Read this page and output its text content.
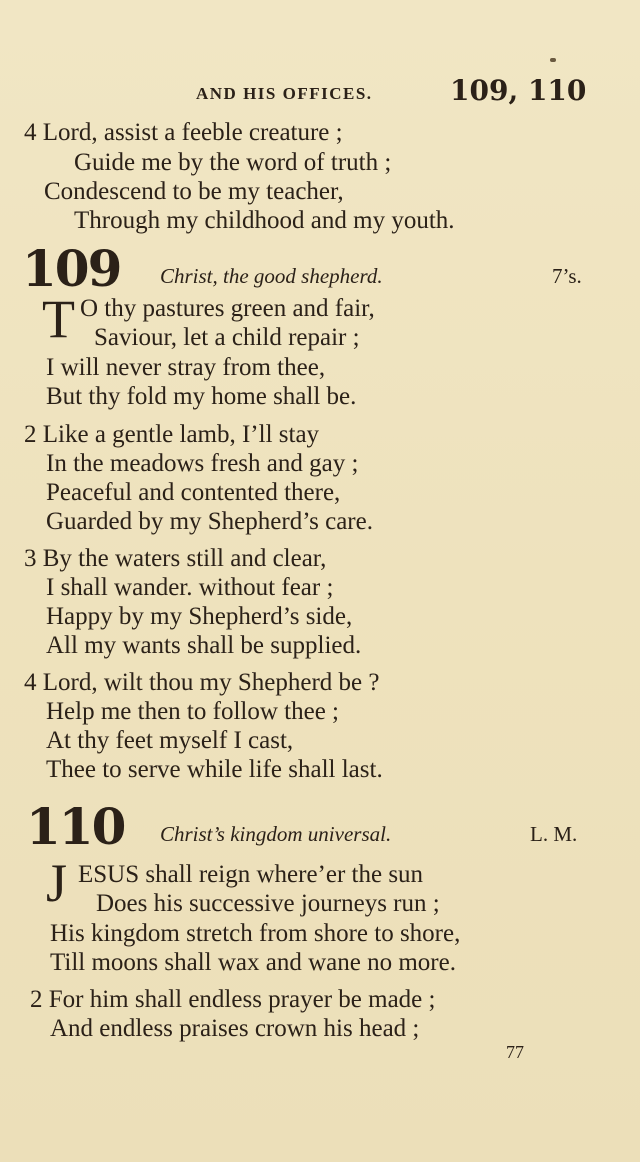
AND HIS OFFICES.	109, 110
4 Lord, assist a feeble creature ;
Guide me by the word of truth ;
Condescend to be my teacher,
Through my childhood and my youth.
109 Christ, the good shepherd.	7’s.
T O thy pastures green and fair,
Saviour, let a child repair ;
I will never stray from thee,
But thy fold my home shall be.
2 Like a gentle lamb, I’ll stay
In the meadows fresh and gay ;
Peaceful and contented there,
Guarded by my Shepherd’s care.
3 By the waters still and clear,
I shall wander. without fear ;
Happy by my Shepherd’s side,
All my wants shall be supplied.
4 Lord, wilt thou my Shepherd be ?
Help me then to follow thee ;
At thy feet myself I cast,
Thee to serve while life shall last.
110 Christ’s kingdom universal.	L. M.
J ESUS shall reign where’er the sun
Does his successive journeys run ;
His kingdom stretch from shore to shore,
Till moons shall wax and wane no more.
2 For him shall endless prayer be made ;
And endless praises crown his head ;
77
